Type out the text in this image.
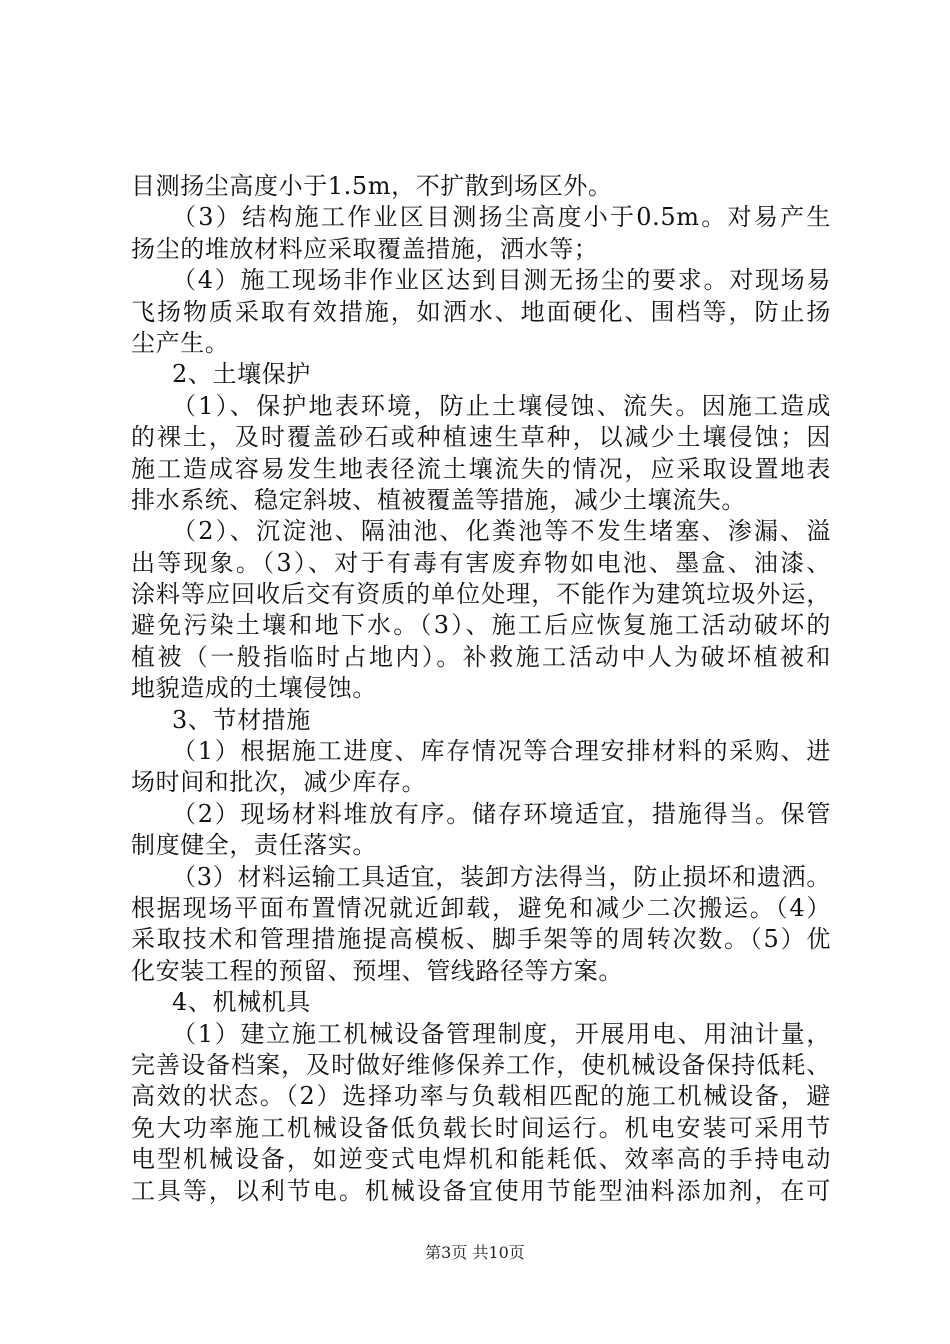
目测扬尘高度小于1.5m，不扩散到场区外。
（3）结构施工作业区目测扬尘高度小于0.5m。对易产生
扬尘的堆放材料应采取覆盖措施，洒水等；
（4）施工现场非作业区达到目测无扬尘的要求。对现场易
飞扬物质采取有效措施，如洒水、地面硬化、围档等，防止扬
尘产生。
2、土壤保护
（1）、保护地表环境，防止土壤侵蚀、流失。因施工造成
的裸土，及时覆盖砂石或种植速生草种，以减少土壤侵蚀；因
施工造成容易发生地表径流土壤流失的情况，应采取设置地表
排水系统、稳定斜坡、植被覆盖等措施，减少土壤流失。
（2）、沉淀池、隔油池、化粪池等不发生堵塞、渗漏、溢
出等现象。（3）、对于有毒有害废弃物如电池、墨盒、油漆、
涂料等应回收后交有资质的单位处理，不能作为建筑垃圾外运，
避免污染土壤和地下水。（3）、施工后应恢复施工活动破坏的
植被（一般指临时占地内）。补救施工活动中人为破坏植被和
地貌造成的土壤侵蚀。
3、节材措施
（1）根据施工进度、库存情况等合理安排材料的采购、进
场时间和批次，减少库存。
（2）现场材料堆放有序。储存环境适宜，措施得当。保管
制度健全，责任落实。
（3）材料运输工具适宜，装卸方法得当，防止损坏和遗洒。
根据现场平面布置情况就近卸载，避免和减少二次搬运。（4）
采取技术和管理措施提高模板、脚手架等的周转次数。（5）优
化安装工程的预留、预埋、管线路径等方案。
4、机械机具
（1）建立施工机械设备管理制度，开展用电、用油计量，
完善设备档案，及时做好维修保养工作，使机械设备保持低耗、
高效的状态。（2）选择功率与负载相匹配的施工机械设备，避
免大功率施工机械设备低负载长时间运行。机电安装可采用节
电型机械设备，如逆变式电焊机和能耗低、效率高的手持电动
工具等，以利节电。机械设备宜使用节能型油料添加剂，在可
第3页 共10页
